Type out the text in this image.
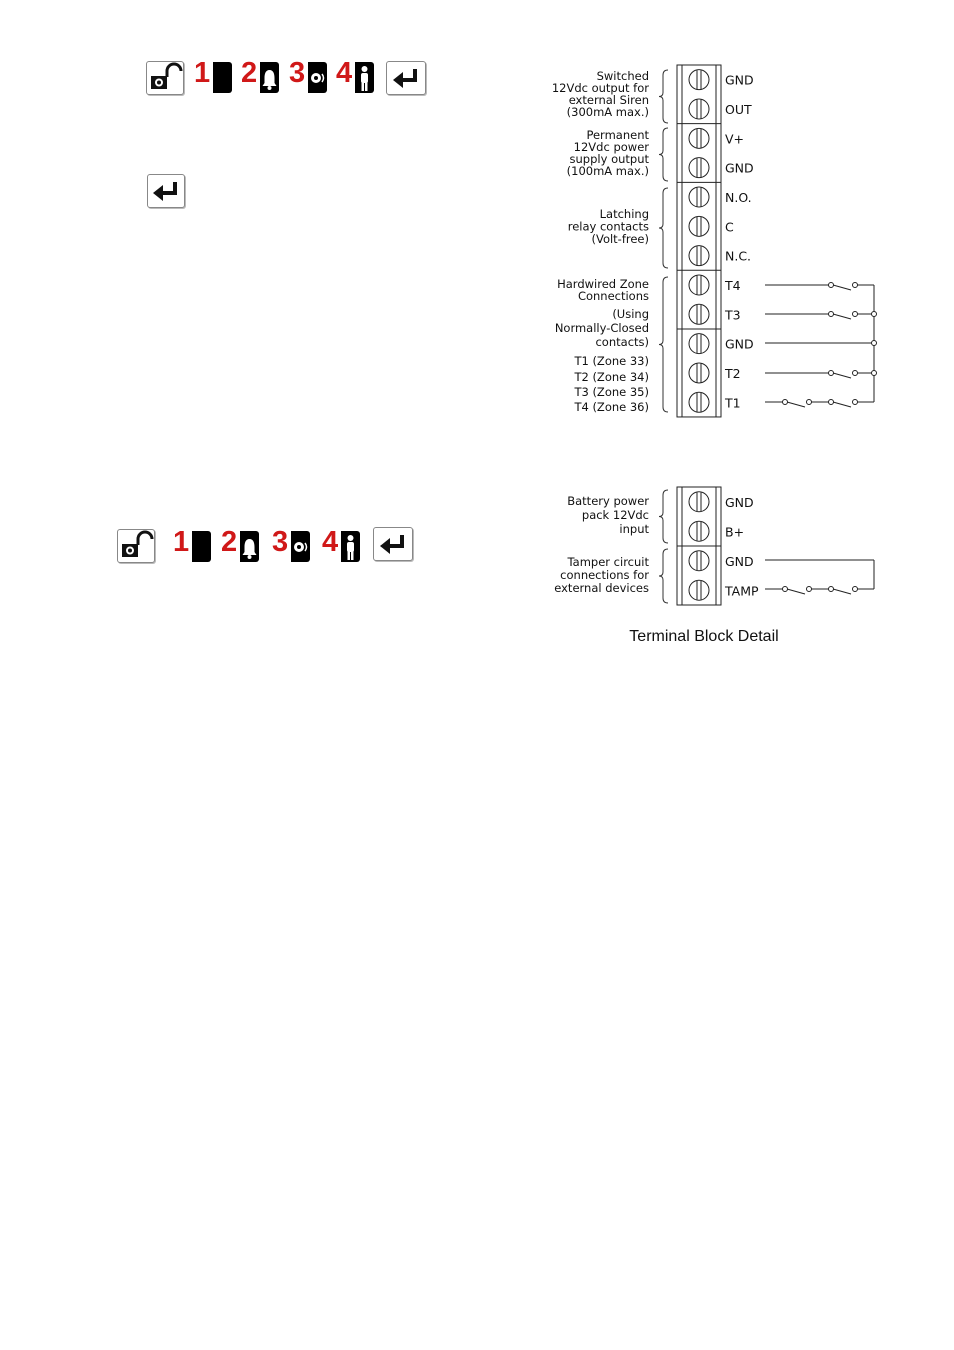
1 2 3 4
1 2 3 4
Switched
12Vdc output for
external Siren
(300mA max.)
Permanent
12Vdc power
supply output
(100mA max.)
Latching
relay contacts
(Volt-free)
Hardwired Zone
Connections
(Using
Normally-Closed
contacts)
T1 (Zone 33)
T2 (Zone 34)
T3 (Zone 35)
T4 (Zone 36)
GND
OUT
V+
GND
N.O.
C
N.C.
T4
T3
GND
T2
T1
Battery power
pack 12Vdc
input
Tamper circuit
connections for
external devices
GND
B+
GND
TAMP
Terminal Block Detail
